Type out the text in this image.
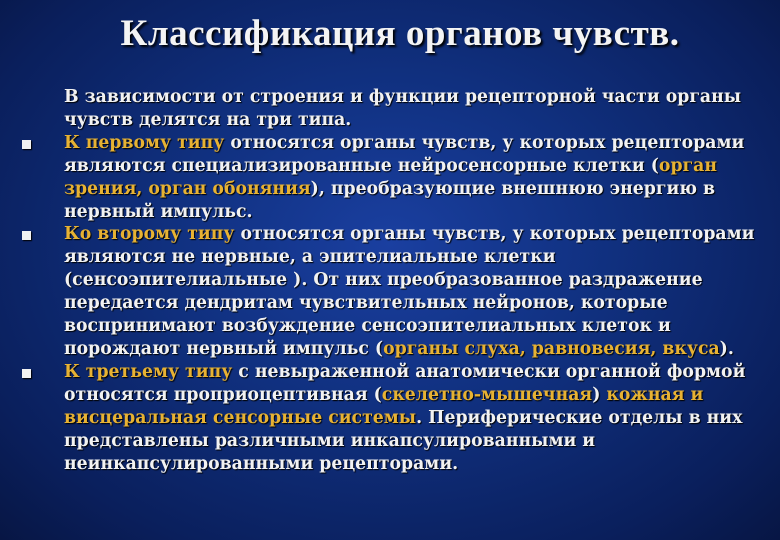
Классификация органов чувств.

В зависимости от строения и функции рецепторной части органы чувств делятся на три типа.

К первому типу относятся органы чувств, у которых рецепторами являются специализированные нейросенсорные клетки (орган зрения, орган обоняния), преобразующие внешнюю энергию в нервный импульс.

Ко второму типу относятся органы чувств, у которых рецепторами являются не нервные, а эпителиальные клетки (сенсоэпителиальные ). От них преобразованное раздражение передается дендритам чувствительных нейронов, которые воспринимают возбуждение сенсоэпителиальных клеток и порождают нервный импульс (органы слуха, равновесия, вкуса).

К третьему типу с невыраженной анатомически органной формой относятся проприоцептивная (скелетно-мышечная) кожная и висцеральная сенсорные системы. Периферические отделы в них представлены различными инкапсулированными и неинкапсулированными рецепторами.
